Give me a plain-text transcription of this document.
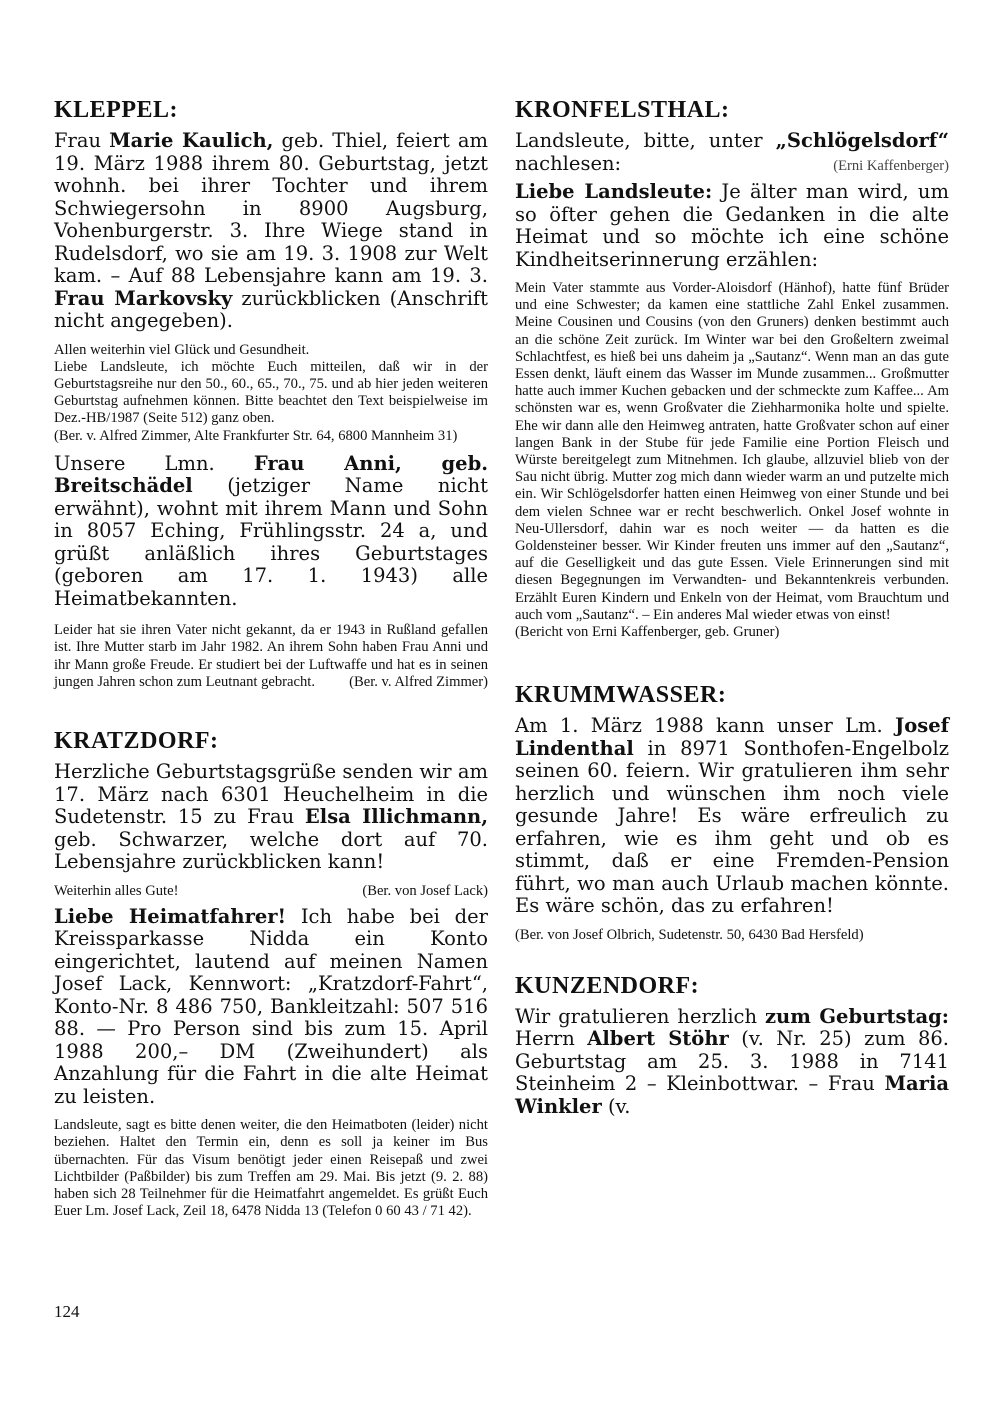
KLEPPEL:

Frau Marie Kaulich, geb. Thiel, feiert am 19. März 1988 ihrem 80. Geburtstag, jetzt wohnh. bei ihrer Tochter und ihrem Schwiegersohn in 8900 Augsburg, Vohenburgerstr. 3. Ihre Wiege stand in Rudelsdorf, wo sie am 19. 3. 1908 zur Welt kam. – Auf 88 Lebensjahre kann am 19. 3. Frau Markovsky zurückblicken (Anschrift nicht angegeben).

Allen weiterhin viel Glück und Gesundheit.

Liebe Landsleute, ich möchte Euch mitteilen, daß wir in der Geburtstagsreihe nur den 50., 60., 65., 70., 75. und ab hier jeden weiteren Geburtstag aufnehmen können. Bitte beachtet den Text beispielweise im Dez.-HB/1987 (Seite 512) ganz oben.

(Ber. v. Alfred Zimmer, Alte Frankfurter Str. 64, 6800 Mannheim 31)

Unsere Lmn. Frau Anni, geb. Breitschädel (jetziger Name nicht erwähnt), wohnt mit ihrem Mann und Sohn in 8057 Eching, Frühlingsstr. 24 a, und grüßt anläßlich ihres Geburtstages (geboren am 17. 1. 1943) alle Heimatbekannten.

Leider hat sie ihren Vater nicht gekannt, da er 1943 in Rußland gefallen ist. Ihre Mutter starb im Jahr 1982. An ihrem Sohn haben Frau Anni und ihr Mann große Freude. Er studiert bei der Luftwaffe und hat es in seinen jungen Jahren schon zum Leutnant gebracht. (Ber. v. Alfred Zimmer)

KRATZDORF:

Herzliche Geburtstagsgrüße senden wir am 17. März nach 6301 Heuchelheim in die Sudetenstr. 15 zu Frau Elsa Illichmann, geb. Schwarzer, welche dort auf 70. Lebensjahre zurückblicken kann!

Weiterhin alles Gute!	(Ber. von Josef Lack)

Liebe Heimatfahrer! Ich habe bei der Kreissparkasse Nidda ein Konto eingerichtet, lautend auf meinen Namen Josef Lack, Kennwort: „Kratzdorf-Fahrt“, Konto-Nr. 8 486 750, Bankleitzahl: 507 516 88. — Pro Person sind bis zum 15. April 1988 200,– DM (Zweihundert) als Anzahlung für die Fahrt in die alte Heimat zu leisten.

Landsleute, sagt es bitte denen weiter, die den Heimatboten (leider) nicht beziehen. Haltet den Termin ein, denn es soll ja keiner im Bus übernachten. Für das Visum benötigt jeder einen Reisepaß und zwei Lichtbilder (Paßbilder) bis zum Treffen am 29. Mai. Bis jetzt (9. 2. 88) haben sich 28 Teilnehmer für die Heimatfahrt angemeldet. Es grüßt Euch Euer Lm. Josef Lack, Zeil 18, 6478 Nidda 13 (Telefon 0 60 43 / 71 42).

KRONFELSTHAL:

Landsleute, bitte, unter „Schlögelsdorf“ nachlesen:	(Erni Kaffenberger)

Liebe Landsleute: Je älter man wird, um so öfter gehen die Gedanken in die alte Heimat und so möchte ich eine schöne Kindheitserinnerung erzählen:

Mein Vater stammte aus Vorder-Aloisdorf (Hänhof), hatte fünf Brüder und eine Schwester; da kamen eine stattliche Zahl Enkel zusammen. Meine Cousinen und Cousins (von den Gruners) denken bestimmt auch an die schöne Zeit zurück. Im Winter war bei den Großeltern zweimal Schlachtfest, es hieß bei uns daheim ja „Sautanz“. Wenn man an das gute Essen denkt, läuft einem das Wasser im Munde zusammen... Großmutter hatte auch immer Kuchen gebacken und der schmeckte zum Kaffee... Am schönsten war es, wenn Großvater die Ziehharmonika holte und spielte. Ehe wir dann alle den Heimweg antraten, hatte Großvater schon auf einer langen Bank in der Stube für jede Familie eine Portion Fleisch und Würste bereitgelegt zum Mitnehmen. Ich glaube, allzuviel blieb von der Sau nicht übrig. Mutter zog mich dann wieder warm an und putzelte mich ein. Wir Schlögelsdorfer hatten einen Heimweg von einer Stunde und bei dem vielen Schnee war er recht beschwerlich. Onkel Josef wohnte in Neu-Ullersdorf, dahin war es noch weiter — da hatten es die Goldensteiner besser. Wir Kinder freuten uns immer auf den „Sautanz“, auf die Geselligkeit und das gute Essen. Viele Erinnerungen sind mit diesen Begegnungen im Verwandten- und Bekanntenkreis verbunden. Erzählt Euren Kindern und Enkeln von der Heimat, vom Brauchtum und auch vom „Sautanz“. – Ein anderes Mal wieder etwas von einst!

(Bericht von Erni Kaffenberger, geb. Gruner)

KRUMMWASSER:

Am 1. März 1988 kann unser Lm. Josef Lindenthal in 8971 Sonthofen-Engelbolz seinen 60. feiern. Wir gratulieren ihm sehr herzlich und wünschen ihm noch viele gesunde Jahre! Es wäre erfreulich zu erfahren, wie es ihm geht und ob es stimmt, daß er eine Fremden-Pension führt, wo man auch Urlaub machen könnte. Es wäre schön, das zu erfahren!

(Ber. von Josef Olbrich, Sudetenstr. 50, 6430 Bad Hersfeld)

KUNZENDORF:

Wir gratulieren herzlich zum Geburtstag: Herrn Albert Stöhr (v. Nr. 25) zum 86. Geburtstag am 25. 3. 1988 in 7141 Steinheim 2 – Kleinbottwar. – Frau Maria Winkler (v.

124
